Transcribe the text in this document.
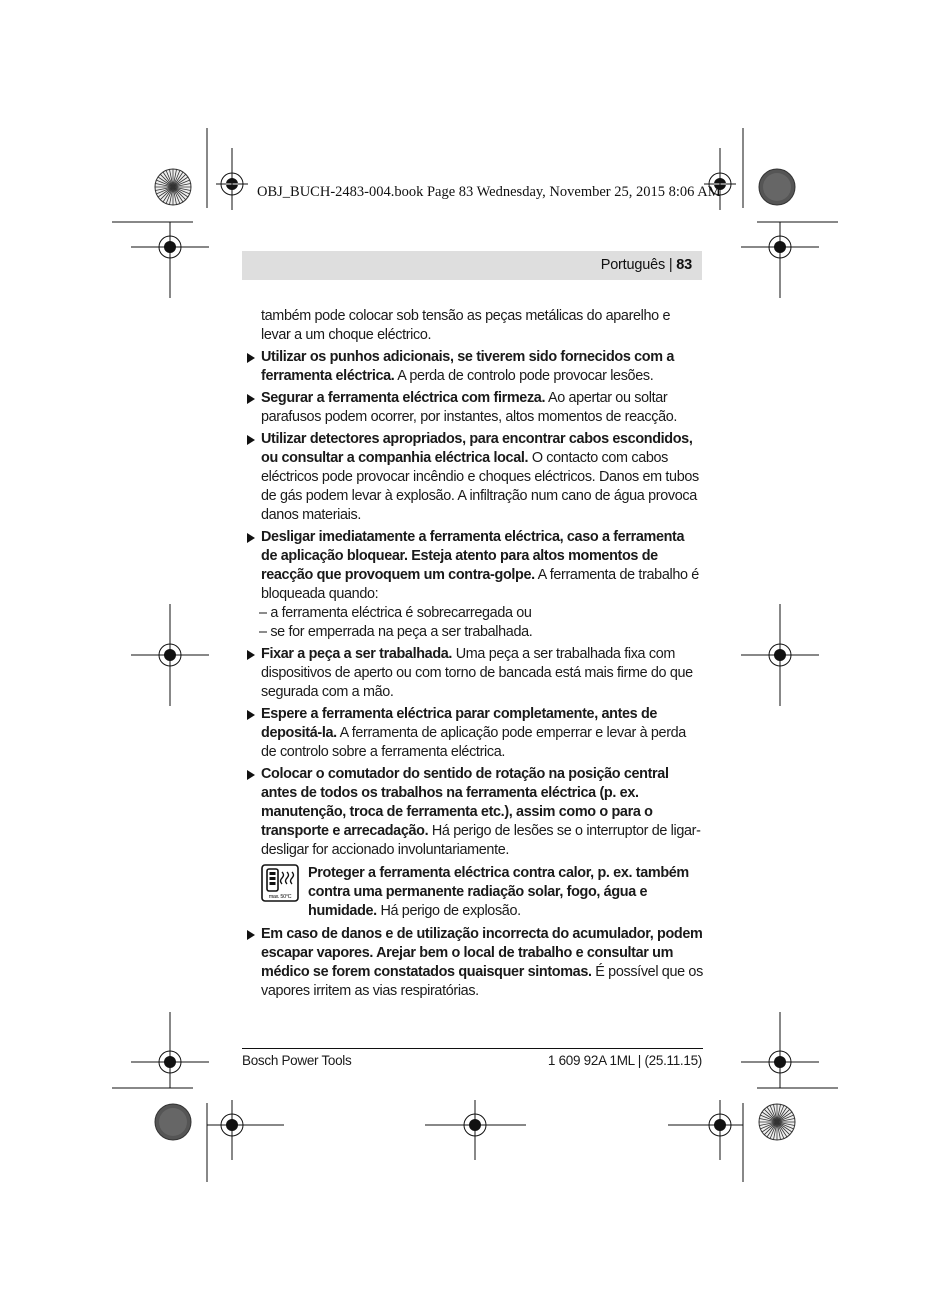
OBJ_BUCH-2483-004.book Page 83 Wednesday, November 25, 2015 8:06 AM
Português | 83

também pode colocar sob tensão as peças metálicas do aparelho e levar a um choque eléctrico.

Utilizar os punhos adicionais, se tiverem sido fornecidos com a ferramenta eléctrica. A perda de controlo pode provocar lesões.
Segurar a ferramenta eléctrica com firmeza. Ao apertar ou soltar parafusos podem ocorrer, por instantes, altos momentos de reacção.
Utilizar detectores apropriados, para encontrar cabos escondidos, ou consultar a companhia eléctrica local. O contacto com cabos eléctricos pode provocar incêndio e choques eléctricos. Danos em tubos de gás podem levar à explosão. A infiltração num cano de água provoca danos materiais.
Desligar imediatamente a ferramenta eléctrica, caso a ferramenta de aplicação bloquear. Esteja atento para altos momentos de reacção que provoquem um contra-golpe. A ferramenta de trabalho é bloqueada quando:
– a ferramenta eléctrica é sobrecarregada ou
– se for emperrada na peça a ser trabalhada.
Fixar a peça a ser trabalhada. Uma peça a ser trabalhada fixa com dispositivos de aperto ou com torno de bancada está mais firme do que segurada com a mão.
Espere a ferramenta eléctrica parar completamente, antes de depositá-la. A ferramenta de aplicação pode emperrar e levar à perda de controlo sobre a ferramenta eléctrica.
Colocar o comutador do sentido de rotação na posição central antes de todos os trabalhos na ferramenta eléctrica (p. ex. manutenção, troca de ferramenta etc.), assim como o para o transporte e arrecadação. Há perigo de lesões se o interruptor de ligar-desligar for accionado involuntariamente.
max. 50°C
Proteger a ferramenta eléctrica contra calor, p. ex. também contra uma permanente radiação solar, fogo, água e humidade. Há perigo de explosão.
Em caso de danos e de utilização incorrecta do acumulador, podem escapar vapores. Arejar bem o local de trabalho e consultar um médico se forem constatados quaisquer sintomas. É possível que os vapores irritem as vias respiratórias.
Bosch Power Tools	1 609 92A 1ML | (25.11.15)
